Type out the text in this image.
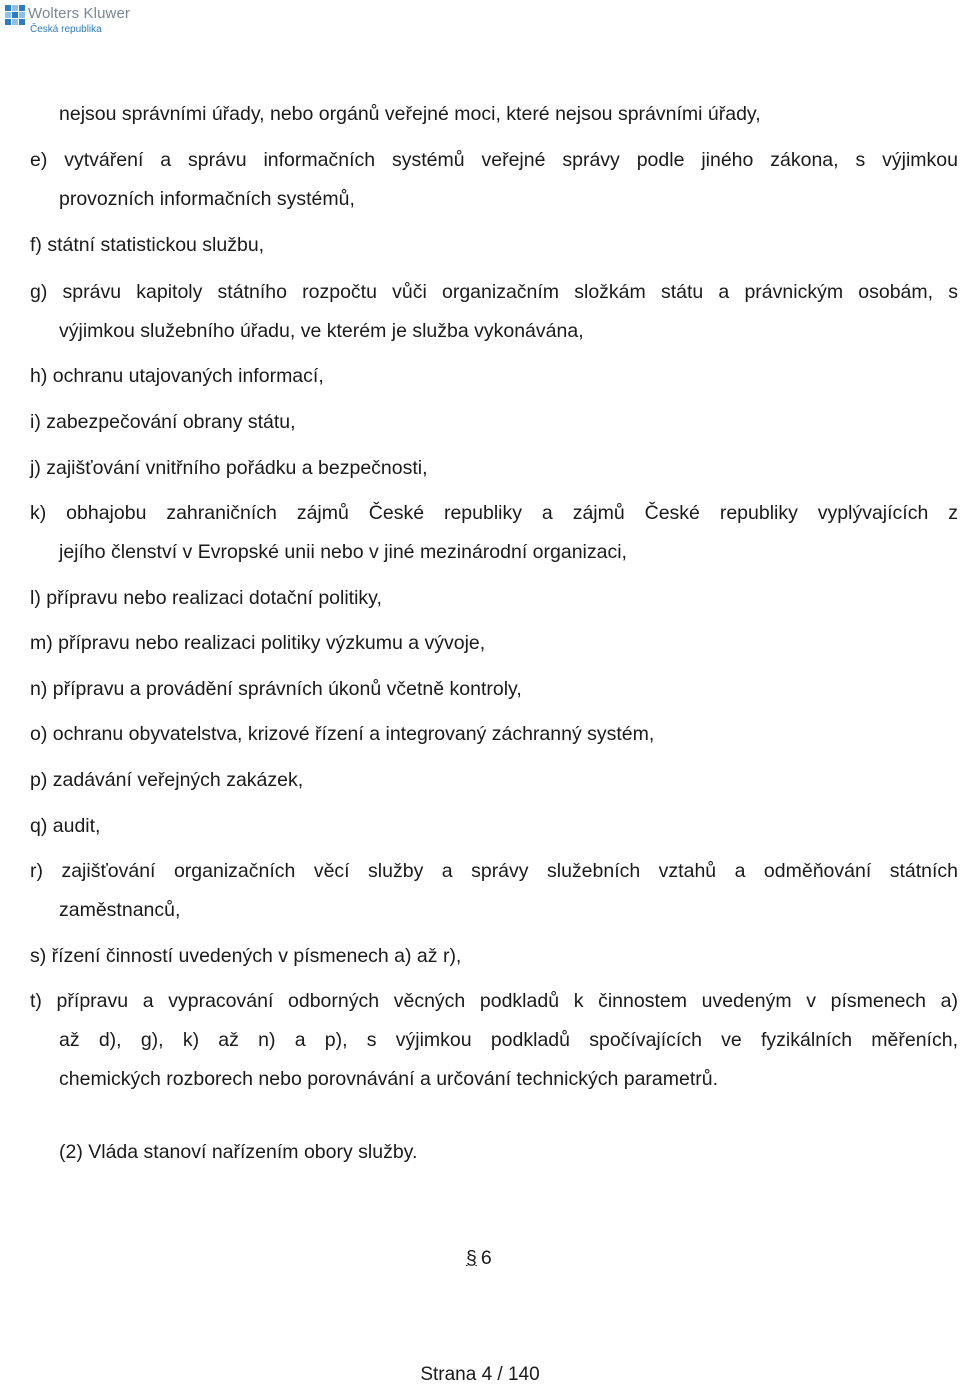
Wolters Kluwer
Česká republika
nejsou správními úřady, nebo orgánů veřejné moci, které nejsou správními úřady,
e) vytváření a správu informačních systémů veřejné správy podle jiného zákona, s výjimkou
provozních informačních systémů,
f) státní statistickou službu,
g) správu kapitoly státního rozpočtu vůči organizačním složkám státu a právnickým osobám, s
výjimkou služebního úřadu, ve kterém je služba vykonávána,
h) ochranu utajovaných informací,
i) zabezpečování obrany státu,
j) zajišťování vnitřního pořádku a bezpečnosti,
k) obhajobu zahraničních zájmů České republiky a zájmů České republiky vyplývajících z
jejího členství v Evropské unii nebo v jiné mezinárodní organizaci,
l) přípravu nebo realizaci dotační politiky,
m) přípravu nebo realizaci politiky výzkumu a vývoje,
n) přípravu a provádění správních úkonů včetně kontroly,
o) ochranu obyvatelstva, krizové řízení a integrovaný záchranný systém,
p) zadávání veřejných zakázek,
q) audit,
r) zajišťování organizačních věcí služby a správy služebních vztahů a odměňování státních
zaměstnanců,
s) řízení činností uvedených v písmenech a) až r),
t) přípravu a vypracování odborných věcných podkladů k činnostem uvedeným v písmenech a)
až d), g), k) až n) a p), s výjimkou podkladů spočívajících ve fyzikálních měřeních,
chemických rozborech nebo porovnávání a určování technických parametrů.
(2) Vláda stanoví nařízením obory služby.
§ 6
Strana 4 / 140
